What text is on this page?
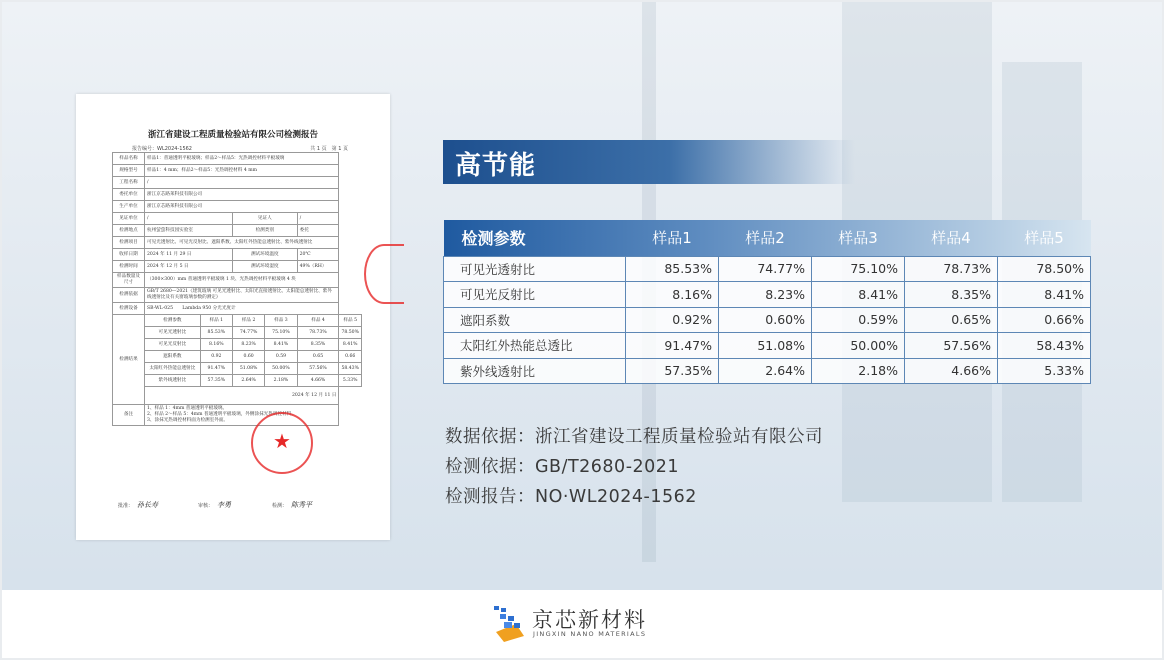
浙江省建设工程质量检验站有限公司检测报告
报告编号：WL2024-1562	共 1 页　第 1 页
样品名称	样品1：普通透明平板玻璃；样品2～样品5：光热调控材料平板玻璃					
规格型号	样品1：4 mm；样品2～样品5：光热调控材料 4 mm					
工程名称	/					
委托单位	浙江京芯路莱科技有限公司					
生产单位	浙江京芯路莱科技有限公司					
见证单位	/		见证人		/	
检测地点	杭州萤萤科技园实验室		检测类别		委托	
检测项目	可见光透射比、可见光反射比、遮阳系数、太阳红外热能总透射比、紫外线透射比					
收样日期	2024 年 11 月 29 日		测试环境温度		20℃	
检测时间	2024 年 12 月 5 日		测试环境湿度		49%（RH）	
样品数量及尺寸	（300×300）mm 普通透明平板玻璃 1 块、光热调控材料平板玻璃 4 块					
检测依据	GB/T 2680—2021《建筑玻璃 可见光透射比、太阳光直接透射比、太阳能总透射比、紫外线透射比及有关窗玻璃参数的测定》					
检测设备	SB-WL-025　　Lambda 950 分光光度计					
检测结果	检测参数	样品 1	样品 2	样品 3	样品 4	样品 5
	可见光透射比	85.53%	74.77%	75.10%	78.73%	78.50%
	可见光反射比	8.16%	8.23%	8.41%	8.35%	8.41%
	遮阳系数	0.92	0.60	0.59	0.65	0.66
	太阳红外热能总透射比	91.47%	51.08%	50.00%	57.56%	58.43%
	紫外线透射比	57.35%	2.64%	2.18%	4.66%	5.33%
	2024 年 12 月 11 日					
备注	1、样品 1：4mm 普通透明平板玻璃。
2、样品 2～样品 5：4mm 普通透明平板玻璃，外侧涂抹光热调控材料。
3、涂抹光热调控材料面为检测室外面。					
批准： 孙长寿	审核： 李勇	检测： 陈秀平
★
高节能
检测参数	样品1	样品2	样品3	样品4	样品5
可见光透射比	85.53%	74.77%	75.10%	78.73%	78.50%
可见光反射比	8.16%	8.23%	8.41%	8.35%	8.41%
遮阳系数	0.92%	0.60%	0.59%	0.65%	0.66%
太阳红外热能总透比	91.47%	51.08%	50.00%	57.56%	58.43%
紫外线透射比	57.35%	2.64%	2.18%	4.66%	5.33%
数据依据：浙江省建设工程质量检验站有限公司
检测依据：GB/T2680-2021
检测报告：NO·WL2024-1562
京芯新材料
JINGXIN NANO MATERIALS
